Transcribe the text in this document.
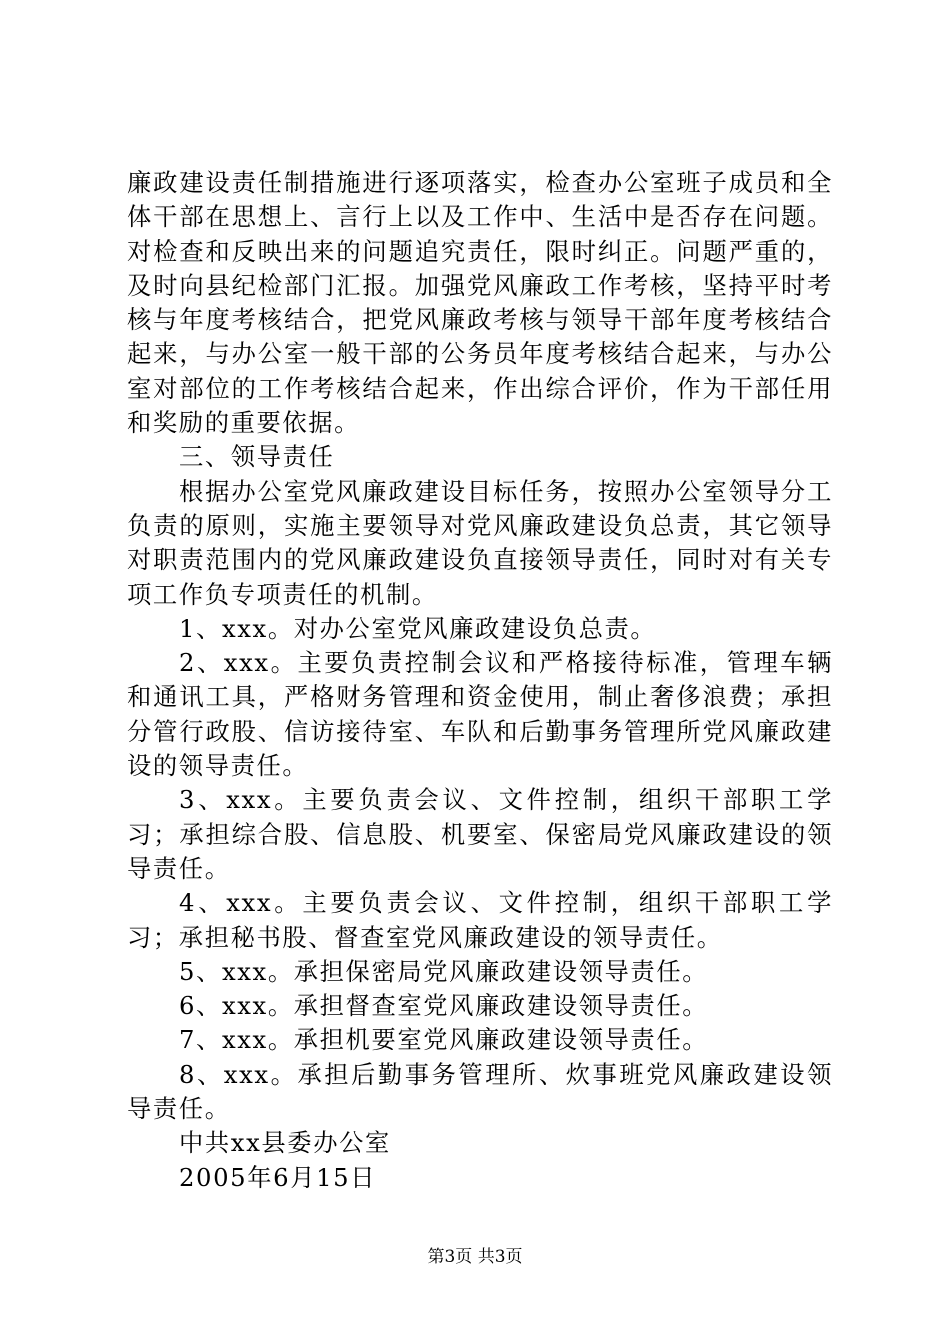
廉政建设责任制措施进行逐项落实，检查办公室班子成员和全体干部在思想上、言行上以及工作中、生活中是否存在问题。对检查和反映出来的问题追究责任，限时纠正。问题严重的，及时向县纪检部门汇报。加强党风廉政工作考核，坚持平时考核与年度考核结合，把党风廉政考核与领导干部年度考核结合起来，与办公室一般干部的公务员年度考核结合起来，与办公室对部位的工作考核结合起来，作出综合评价，作为干部任用和奖励的重要依据。

三、领导责任

根据办公室党风廉政建设目标任务，按照办公室领导分工负责的原则，实施主要领导对党风廉政建设负总责，其它领导对职责范围内的党风廉政建设负直接领导责任，同时对有关专项工作负专项责任的机制。

1、xxx。对办公室党风廉政建设负总责。

2、xxx。主要负责控制会议和严格接待标准，管理车辆和通讯工具，严格财务管理和资金使用，制止奢侈浪费；承担分管行政股、信访接待室、车队和后勤事务管理所党风廉政建设的领导责任。

3、xxx。主要负责会议、文件控制，组织干部职工学习；承担综合股、信息股、机要室、保密局党风廉政建设的领导责任。

4、xxx。主要负责会议、文件控制，组织干部职工学习；承担秘书股、督查室党风廉政建设的领导责任。

5、xxx。承担保密局党风廉政建设领导责任。

6、xxx。承担督查室党风廉政建设领导责任。

7、xxx。承担机要室党风廉政建设领导责任。

8、xxx。承担后勤事务管理所、炊事班党风廉政建设领导责任。

中共xx县委办公室

2005年6月15日

第3页 共3页
